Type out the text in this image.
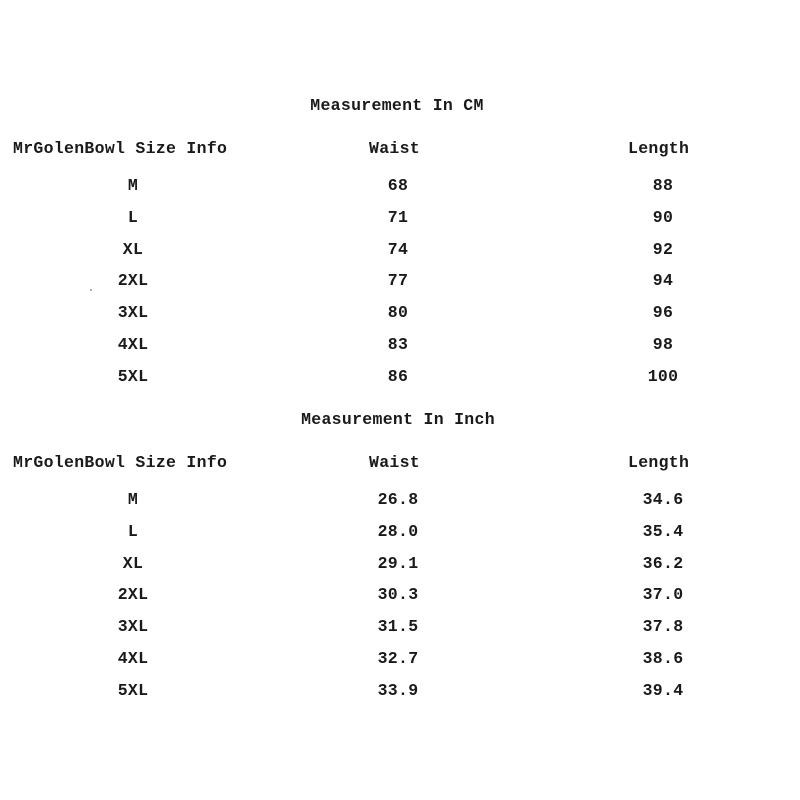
Measurement In CM
MrGolenBowl Size Info	Waist	Length
M	68	88
L	71	90
XL	74	92
2XL	77	94
3XL	80	96
4XL	83	98
5XL	86	100
Measurement In Inch
MrGolenBowl Size Info	Waist	Length
M	26.8	34.6
L	28.0	35.4
XL	29.1	36.2
2XL	30.3	37.0
3XL	31.5	37.8
4XL	32.7	38.6
5XL	33.9	39.4
